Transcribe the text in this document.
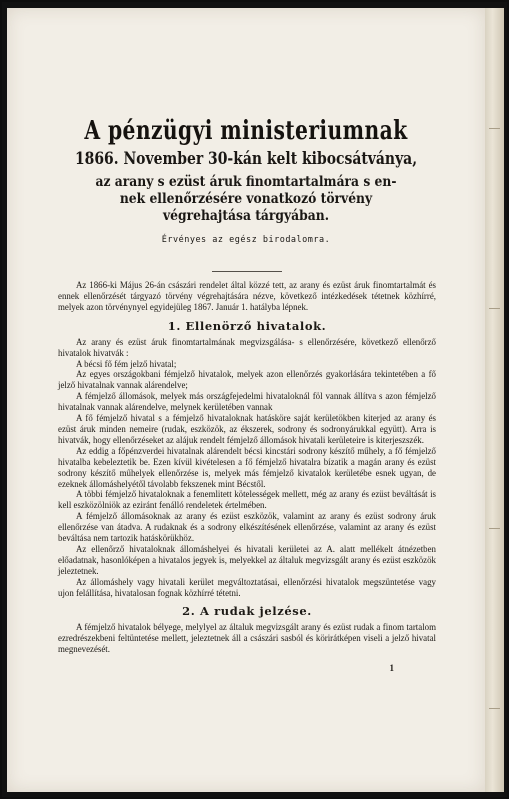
A pénzügyi ministeriumnak
1866. November 30-kán kelt kibocsátványa,
az arany s ezüst áruk finomtartalmára s en-
nek ellenőrzésére vonatkozó törvény
végrehajtása tárgyában.
Érvényes az egész birodalomra.

Az 1866-ki Május 26-án császári rendelet által közzé tett, az arany és ezüst áruk finomtartalmát és ennek ellenőrzését tárgyazó törvény végrehajtására nézve, következő intézkedések tétetnek közhírré, melyek azon törvénynyel egyidejüleg 1867. Január 1. hatályba lépnek.

1. Ellenörző hivatalok.

Az arany és ezüst áruk finomtartalmának megvizsgálása- s ellenőrzésére, következő ellenőrző hivatalok hivatvák :

A bécsi fő fém jelző hivatal;

Az egyes országokbani fémjelző hivatalok, melyek azon ellenőrzés gyakorlására tekintetében a fő jelző hivatalnak vannak alárendelve;

A fémjelző állomások, melyek más országfejedelmi hivataloknál föl vannak állítva s azon fémjelző hivatalnak vannak alárendelve, melynek kerületében vannak

A fő fémjelző hivatal s a fémjelző hivataloknak hatásköre saját kerületökben kiterjed az arany és ezüst áruk minden nemeire (rudak, eszközök, az ékszerek, sodrony és sodronyárukkal együtt). Arra is hivatvák, hogy ellenőrzéseket az alájuk rendelt fémjelző állomások hivatali kerületeire is kiterjeszszék.

Az eddig a főpénzverdei hivatalnak alárendelt bécsi kincstári sodrony készítő műhely, a fő fémjelző hivatalba kebeleztetik be. Ezen kívül kivételesen a fő fémjelző hivatalra bízatik a magán arany és ezüst sodrony készítő műhelyek ellenőrzése is, melyek más fémjelző kivatalok kerületébe esnek ugyan, de ezeknek állomáshelyétől távolabb fekszenek mint Bécstől.

A többi fémjelző hivataloknak a fenemlitett kötelességek mellett, még az arany és ezüst beváltását is kell eszközölniök az eziránt fenálló rendeletek értelmében.

A fémjelző állomásoknak az arany és ezüst eszközök, valamint az arany és ezüst sodrony áruk ellenőrzése van átadva. A rudaknak és a sodrony elkészítésének ellenőrzése, valamint az arany és ezüst beváltása nem tartozik hatáskörükhöz.

Az ellenőrző hivataloknak állomáshelyei és hivatali kerületei az A. alatt mellékelt átnézetben előadatnak, hasonlóképen a hivatalos jegyek is, melyekkel az általuk megvizsgált arany és ezüst eszközök jeleztetnek.

Az állomáshely vagy hivatali kerület megváltoztatásai, ellenőrzési hivatalok megszüntetése vagy ujon felállítása, hivatalosan fognak közhírré tétetni.

2. A rudak jelzése.

A fémjelző hivatalok bélyege, melylyel az általuk megvizsgált arany és ezüst rudak a finom tartalom ezredrészekbeni feltüntetése mellett, jeleztetnek áll a császári sasból és körirátképen viseli a jelző hivatal megnevezését.

1
